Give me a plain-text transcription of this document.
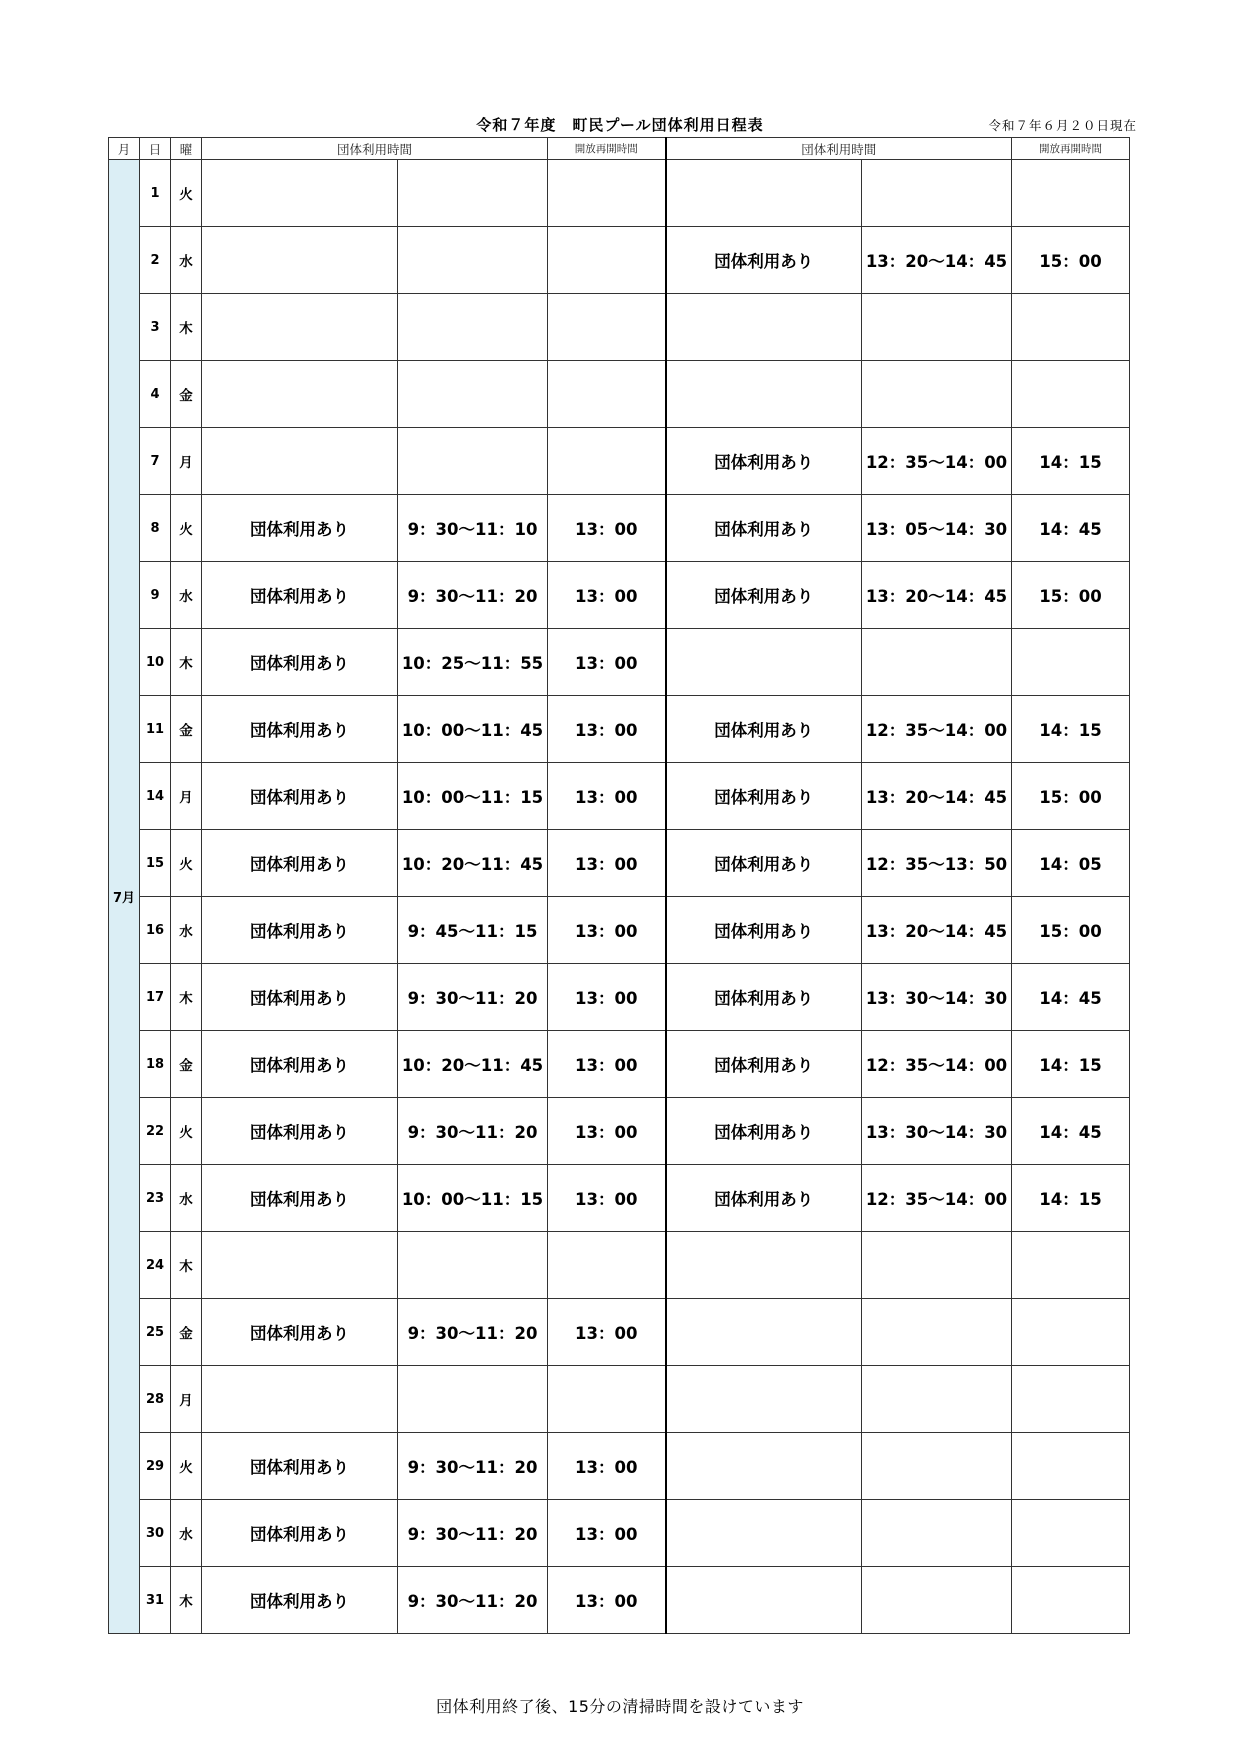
令和７年度　町民プール団体利用日程表	令和７年６月２０日現在
月	日	曜	団体利用時間		開放再開時間	団体利用時間		開放再開時間
7月	1	火						
	2	水				団体利用あり	13：20～14：45	15：00
	3	木						
	4	金						
	7	月				団体利用あり	12：35～14：00	14：15
	8	火	団体利用あり	9：30～11：10	13：00	団体利用あり	13：05～14：30	14：45
	9	水	団体利用あり	9：30～11：20	13：00	団体利用あり	13：20～14：45	15：00
	10	木	団体利用あり	10：25～11：55	13：00			
	11	金	団体利用あり	10：00～11：45	13：00	団体利用あり	12：35～14：00	14：15
	14	月	団体利用あり	10：00～11：15	13：00	団体利用あり	13：20～14：45	15：00
	15	火	団体利用あり	10：20～11：45	13：00	団体利用あり	12：35～13：50	14：05
	16	水	団体利用あり	9：45～11：15	13：00	団体利用あり	13：20～14：45	15：00
	17	木	団体利用あり	9：30～11：20	13：00	団体利用あり	13：30～14：30	14：45
	18	金	団体利用あり	10：20～11：45	13：00	団体利用あり	12：35～14：00	14：15
	22	火	団体利用あり	9：30～11：20	13：00	団体利用あり	13：30～14：30	14：45
	23	水	団体利用あり	10：00～11：15	13：00	団体利用あり	12：35～14：00	14：15
	24	木						
	25	金	団体利用あり	9：30～11：20	13：00			
	28	月						
	29	火	団体利用あり	9：30～11：20	13：00			
	30	水	団体利用あり	9：30～11：20	13：00			
	31	木	団体利用あり	9：30～11：20	13：00			
団体利用終了後、15分の清掃時間を設けています
